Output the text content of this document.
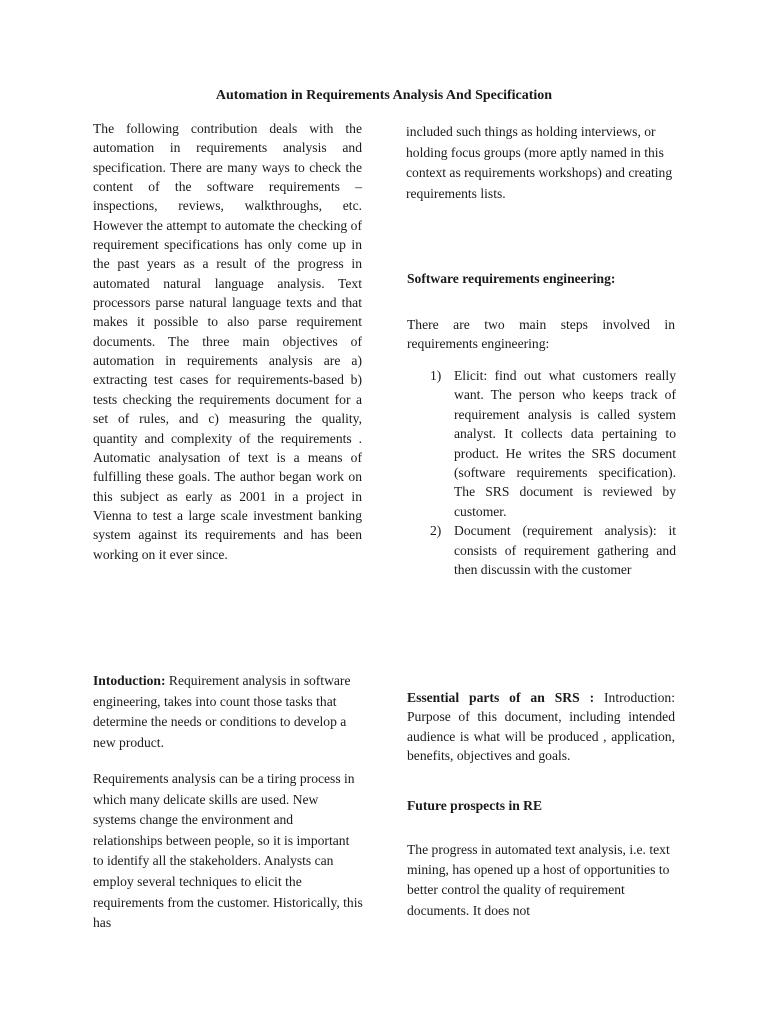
Automation in Requirements Analysis And Specification
The following contribution deals with the automation in requirements analysis and specification. There are many ways to check the content of the software requirements – inspections, reviews, walkthroughs, etc. However the attempt to automate the checking of requirement specifications has only come up in the past years as a result of the progress in automated natural language analysis. Text processors parse natural language texts and that makes it possible to also parse requirement documents. The three main objectives of automation in requirements analysis are a) extracting test cases for requirements-based b) tests checking the requirements document for a set of rules, and c) measuring the quality, quantity and complexity of the requirements . Automatic analysation of text is a means of fulfilling these goals. The author began work on this subject as early as 2001 in a project in Vienna to test a large scale investment banking system against its requirements and has been working on it ever since.
Intoduction: Requirement analysis in software engineering, takes into count those tasks that determine the needs or conditions to develop a new product.
Requirements analysis can be a tiring process in which many delicate skills are used. New systems change the environment and relationships between people, so it is important to identify all the stakeholders. Analysts can employ several techniques to elicit the requirements from the customer. Historically, this has
included such things as holding interviews, or holding focus groups (more aptly named in this context as requirements workshops) and creating requirements lists.
Software requirements engineering:
There are two main steps involved in requirements engineering:
1) Elicit: find out what customers really want. The person who keeps track of requirement analysis is called system analyst. It collects data pertaining to product. He writes the SRS document (software requirements specification). The SRS document is reviewed by customer.
2) Document (requirement analysis): it consists of requirement gathering and then discussin with the customer
Essential parts of an SRS : Introduction: Purpose of this document, including intended audience is what will be produced , application, benefits, objectives and goals.
Future prospects in RE
The progress in automated text analysis, i.e. text mining, has opened up a host of opportunities to better control the quality of requirement documents. It does not
